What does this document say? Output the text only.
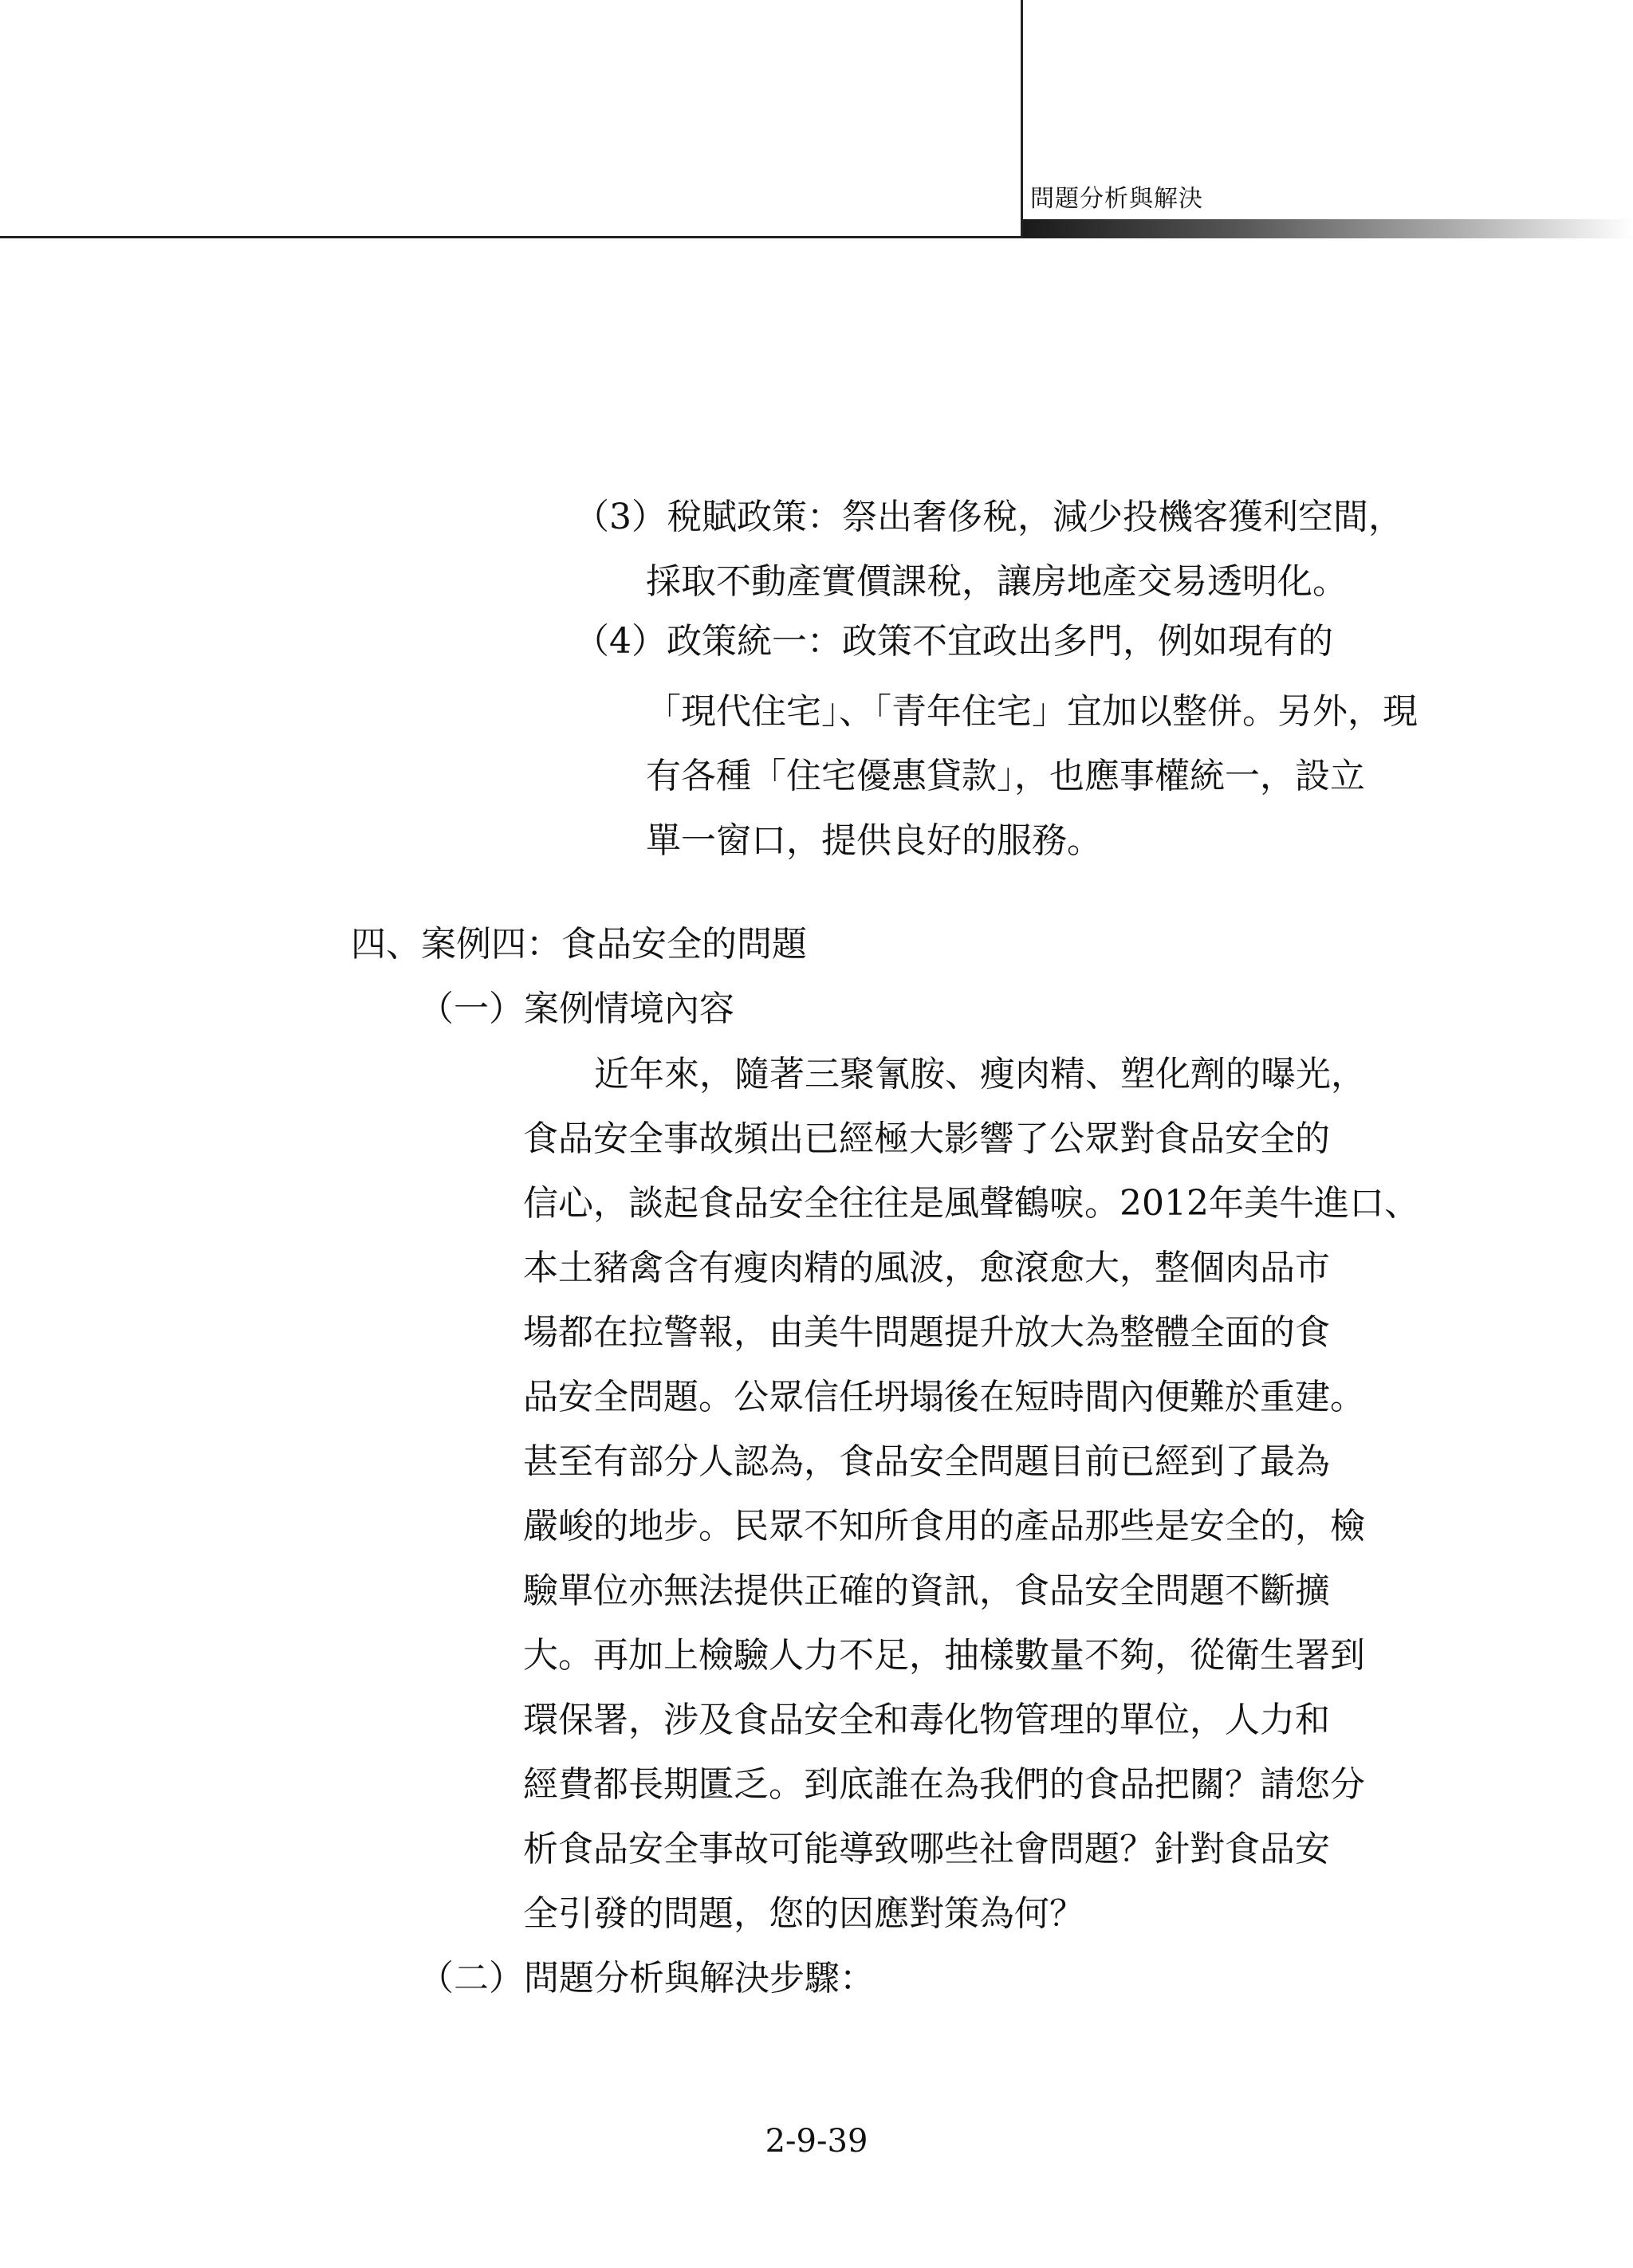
問題分析與解決
（3）稅賦政策：祭出奢侈稅，減少投機客獲利空間，
採取不動產實價課稅，讓房地產交易透明化。
（4）政策統一：政策不宜政出多門，例如現有的
「現代住宅」、「青年住宅」宜加以整併。另外，現
有各種「住宅優惠貸款」，也應事權統一，設立
單一窗口，提供良好的服務。
四、案例四：食品安全的問題
（一）案例情境內容
近年來，隨著三聚氰胺、瘦肉精、塑化劑的曝光，
食品安全事故頻出已經極大影響了公眾對食品安全的
信心，談起食品安全往往是風聲鶴唳。2012年美牛進口、
本土豬禽含有瘦肉精的風波，愈滾愈大，整個肉品市
場都在拉警報，由美牛問題提升放大為整體全面的食
品安全問題。公眾信任坍塌後在短時間內便難於重建。
甚至有部分人認為，食品安全問題目前已經到了最為
嚴峻的地步。民眾不知所食用的產品那些是安全的，檢
驗單位亦無法提供正確的資訊，食品安全問題不斷擴
大。再加上檢驗人力不足，抽樣數量不夠，從衛生署到
環保署，涉及食品安全和毒化物管理的單位，人力和
經費都長期匱乏。到底誰在為我們的食品把關？請您分
析食品安全事故可能導致哪些社會問題？針對食品安
全引發的問題，您的因應對策為何？
（二）問題分析與解決步驟：
2-9-39
